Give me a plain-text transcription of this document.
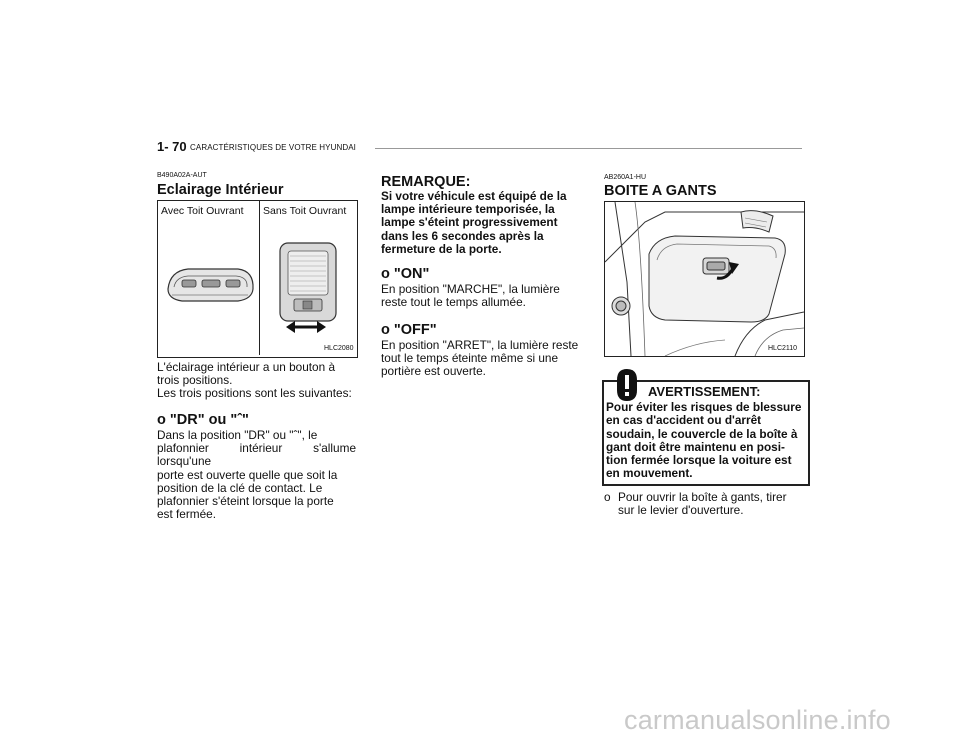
1- 70 CARACTÉRISTIQUES DE VOTRE HYUNDAI
B490A02A-AUT
Eclairage Intérieur
Avec Toit Ouvrant Sans Toit Ouvrant
HLC2080
L'éclairage intérieur a un bouton à
trois positions.
Les trois positions sont les suivantes:
o "DR" ou "ˆ"
Dans la position "DR" ou "ˆ", le
plafonnier intérieur s'allume lorsqu'une
porte est ouverte quelle que soit la
position de la clé de contact. Le
plafonnier s'éteint lorsque la porte
est fermée.
REMARQUE:
Si votre véhicule est équipé de la
lampe intérieure temporisée, la
lampe s'éteint progressivement
dans les 6 secondes après la
fermeture de la porte.
o "ON"
En position "MARCHE", la lumière
reste tout le temps allumée.
o "OFF"
En position "ARRET", la lumière reste
tout le temps éteinte même si une
portière est ouverte.
AB260A1-HU
BOITE A GANTS
HLC2110
AVERTISSEMENT:
Pour éviter les risques de blessure
en cas d'accident ou d'arrêt
soudain, le couvercle de la boîte à
gant doit être maintenu en posi-
tion fermée lorsque la voiture est
en mouvement.
o Pour ouvrir la boîte à gants, tirer
sur le levier d'ouverture.
carmanualsonline.info
